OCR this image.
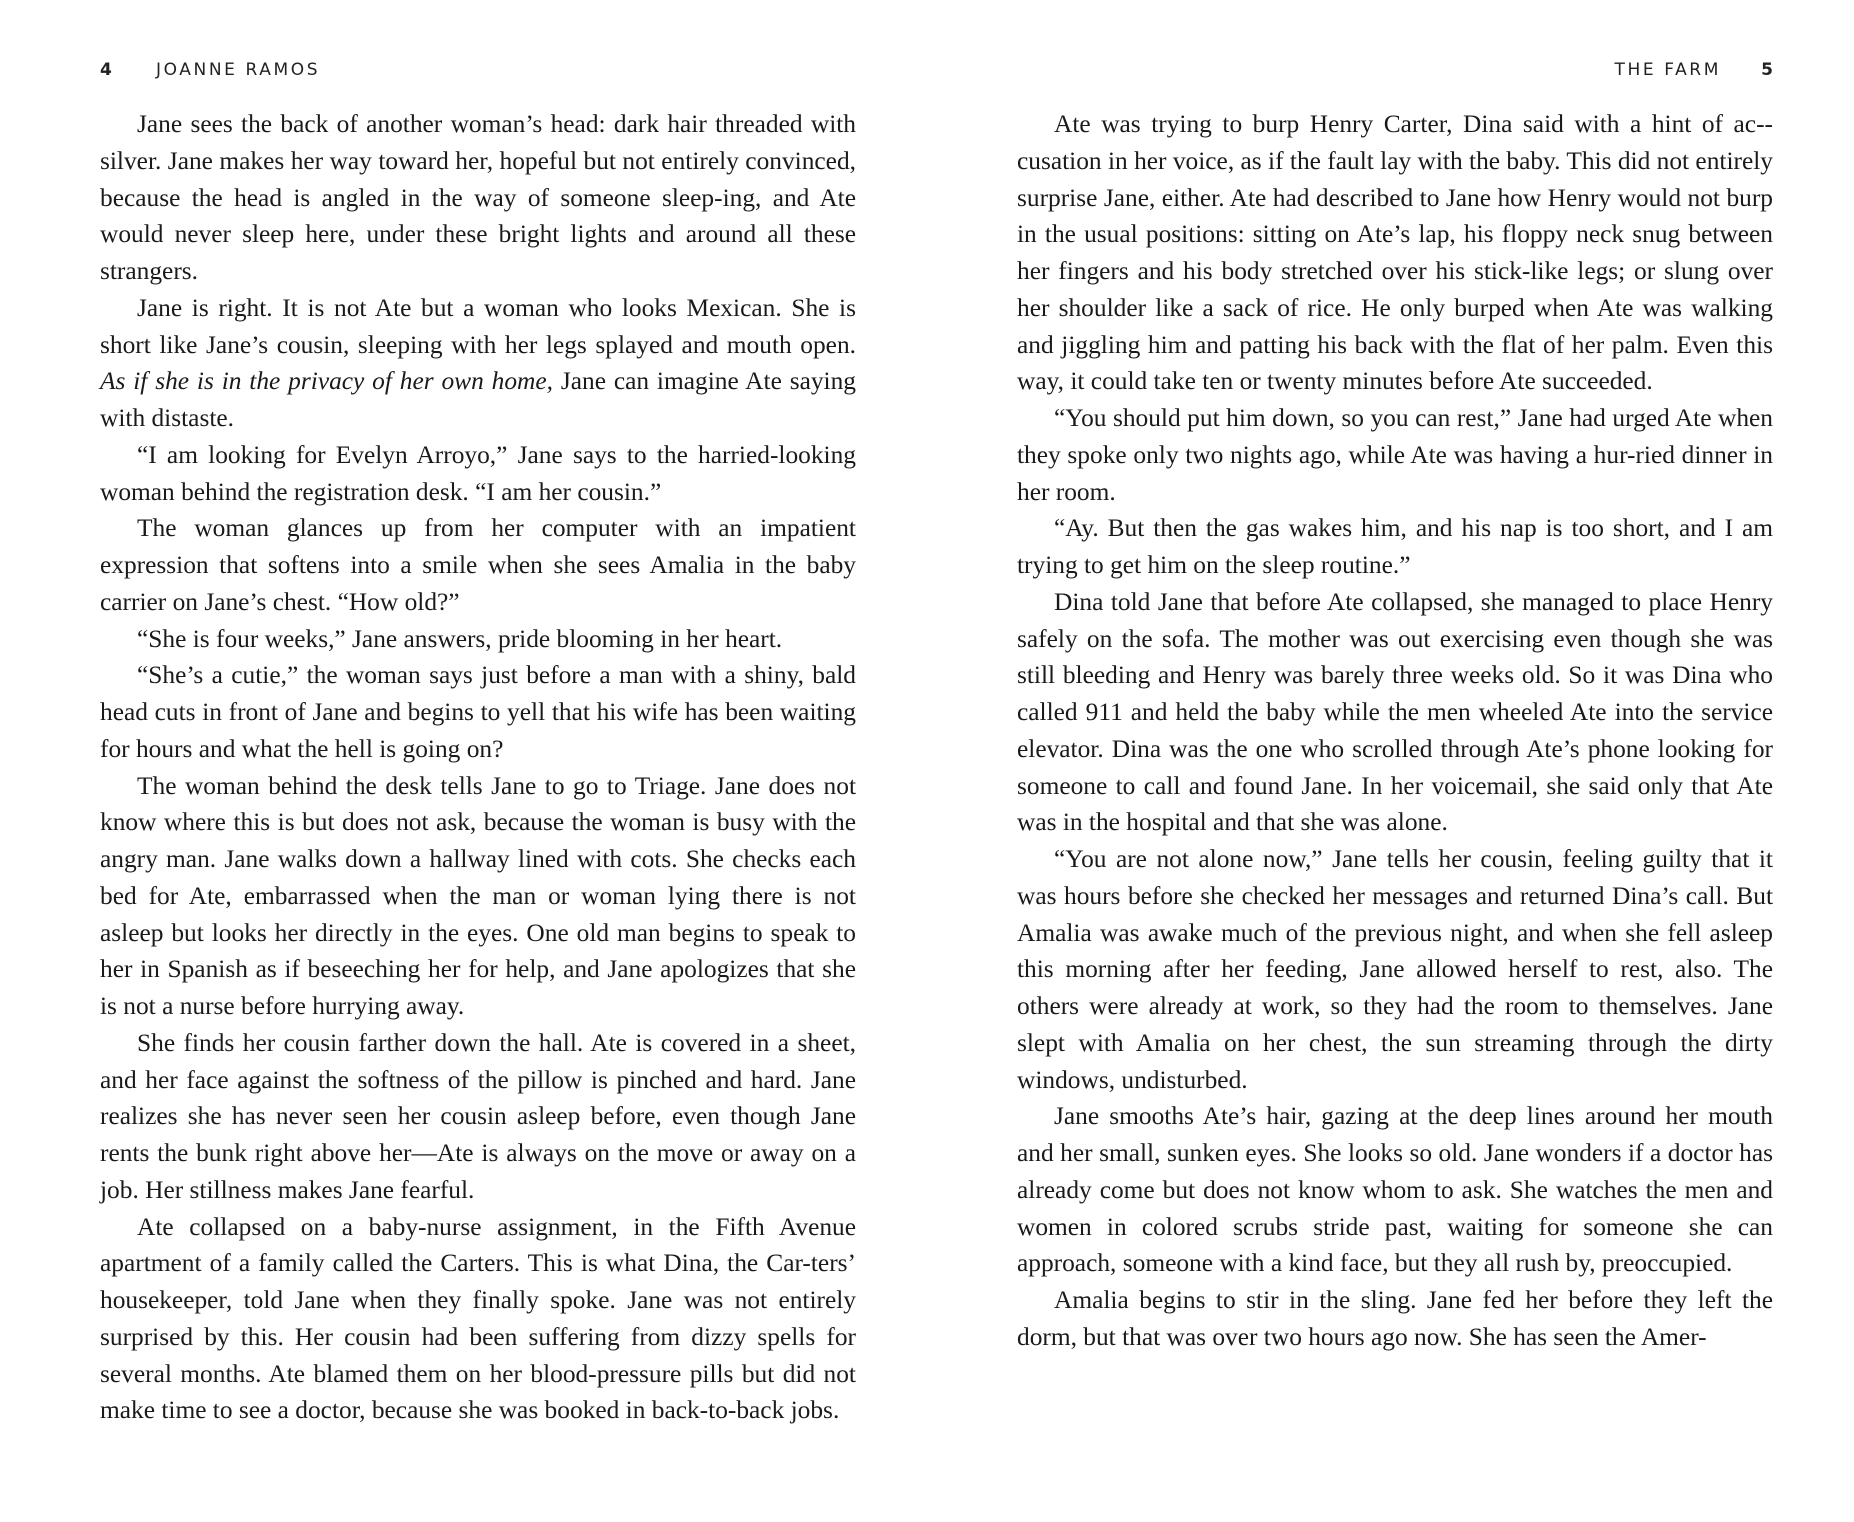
4	JOANNE RAMOS

Jane sees the back of another woman’s head: dark hair threaded with silver. Jane makes her way toward her, hopeful but not entirely convinced, because the head is angled in the way of someone sleep-ing, and Ate would never sleep here, under these bright lights and around all these strangers.

Jane is right. It is not Ate but a woman who looks Mexican. She is short like Jane’s cousin, sleeping with her legs splayed and mouth open. As if she is in the privacy of her own home, Jane can imagine Ate saying with distaste.

“I am looking for Evelyn Arroyo,” Jane says to the harried-looking woman behind the registration desk. “I am her cousin.”

The woman glances up from her computer with an impatient expression that softens into a smile when she sees Amalia in the baby carrier on Jane’s chest. “How old?”

“She is four weeks,” Jane answers, pride blooming in her heart.

“She’s a cutie,” the woman says just before a man with a shiny, bald head cuts in front of Jane and begins to yell that his wife has been waiting for hours and what the hell is going on?

The woman behind the desk tells Jane to go to Triage. Jane does not know where this is but does not ask, because the woman is busy with the angry man. Jane walks down a hallway lined with cots. She checks each bed for Ate, embarrassed when the man or woman lying there is not asleep but looks her directly in the eyes. One old man begins to speak to her in Spanish as if beseeching her for help, and Jane apologizes that she is not a nurse before hurrying away.

She finds her cousin farther down the hall. Ate is covered in a sheet, and her face against the softness of the pillow is pinched and hard. Jane realizes she has never seen her cousin asleep before, even though Jane rents the bunk right above her—Ate is always on the move or away on a job. Her stillness makes Jane fearful.

Ate collapsed on a baby-nurse assignment, in the Fifth Avenue apartment of a family called the Carters. This is what Dina, the Car-ters’ housekeeper, told Jane when they finally spoke. Jane was not entirely surprised by this. Her cousin had been suffering from dizzy spells for several months. Ate blamed them on her blood-pressure pills but did not make time to see a doctor, because she was booked in back-to-back jobs.

THE FARM 5

Ate was trying to burp Henry Carter, Dina said with a hint of ac-cusation in her voice, as if the fault lay with the baby. This did not entirely surprise Jane, either. Ate had described to Jane how Henry would not burp in the usual positions: sitting on Ate’s lap, his floppy neck snug between her fingers and his body stretched over his stick-like legs; or slung over her shoulder like a sack of rice. He only burped when Ate was walking and jiggling him and patting his back with the flat of her palm. Even this way, it could take ten or twenty minutes before Ate succeeded.

“You should put him down, so you can rest,” Jane had urged Ate when they spoke only two nights ago, while Ate was having a hur-ried dinner in her room.

“Ay. But then the gas wakes him, and his nap is too short, and I am trying to get him on the sleep routine.”

Dina told Jane that before Ate collapsed, she managed to place Henry safely on the sofa. The mother was out exercising even though she was still bleeding and Henry was barely three weeks old. So it was Dina who called 911 and held the baby while the men wheeled Ate into the service elevator. Dina was the one who scrolled through Ate’s phone looking for someone to call and found Jane. In her voicemail, she said only that Ate was in the hospital and that she was alone.

“You are not alone now,” Jane tells her cousin, feeling guilty that it was hours before she checked her messages and returned Dina’s call. But Amalia was awake much of the previous night, and when she fell asleep this morning after her feeding, Jane allowed herself to rest, also. The others were already at work, so they had the room to themselves. Jane slept with Amalia on her chest, the sun streaming through the dirty windows, undisturbed.

Jane smooths Ate’s hair, gazing at the deep lines around her mouth and her small, sunken eyes. She looks so old. Jane wonders if a doctor has already come but does not know whom to ask. She watches the men and women in colored scrubs stride past, waiting for someone she can approach, someone with a kind face, but they all rush by, preoccupied.

Amalia begins to stir in the sling. Jane fed her before they left the dorm, but that was over two hours ago now. She has seen the Amer-
